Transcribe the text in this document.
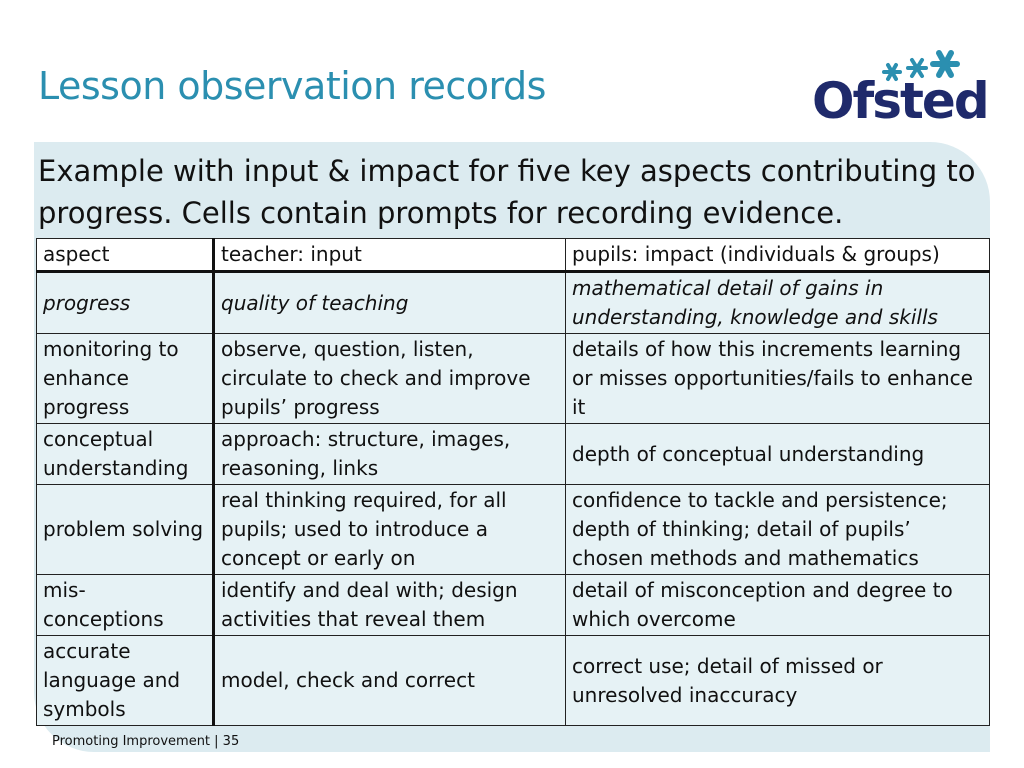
Lesson observation records	Ofsted
Example with input & impact for five key aspects contributing to progress. Cells contain prompts for recording evidence.
aspect	teacher: input	pupils: impact (individuals & groups)
progress	quality of teaching	mathematical detail of gains in understanding, knowledge and skills
monitoring to enhance progress	observe, question, listen, circulate to check and improve pupils’ progress	details of how this increments learning or misses opportunities/fails to enhance it
conceptual understanding	approach: structure, images, reasoning, links	depth of conceptual understanding
problem solving	real thinking required, for all pupils; used to introduce a concept or early on	confidence to tackle and persistence; depth of thinking; detail of pupils’ chosen methods and mathematics
mis-conceptions	identify and deal with; design activities that reveal them	detail of misconception and degree to which overcome
accurate language and symbols	model, check and correct	correct use; detail of missed or unresolved inaccuracy
Promoting Improvement | 35
